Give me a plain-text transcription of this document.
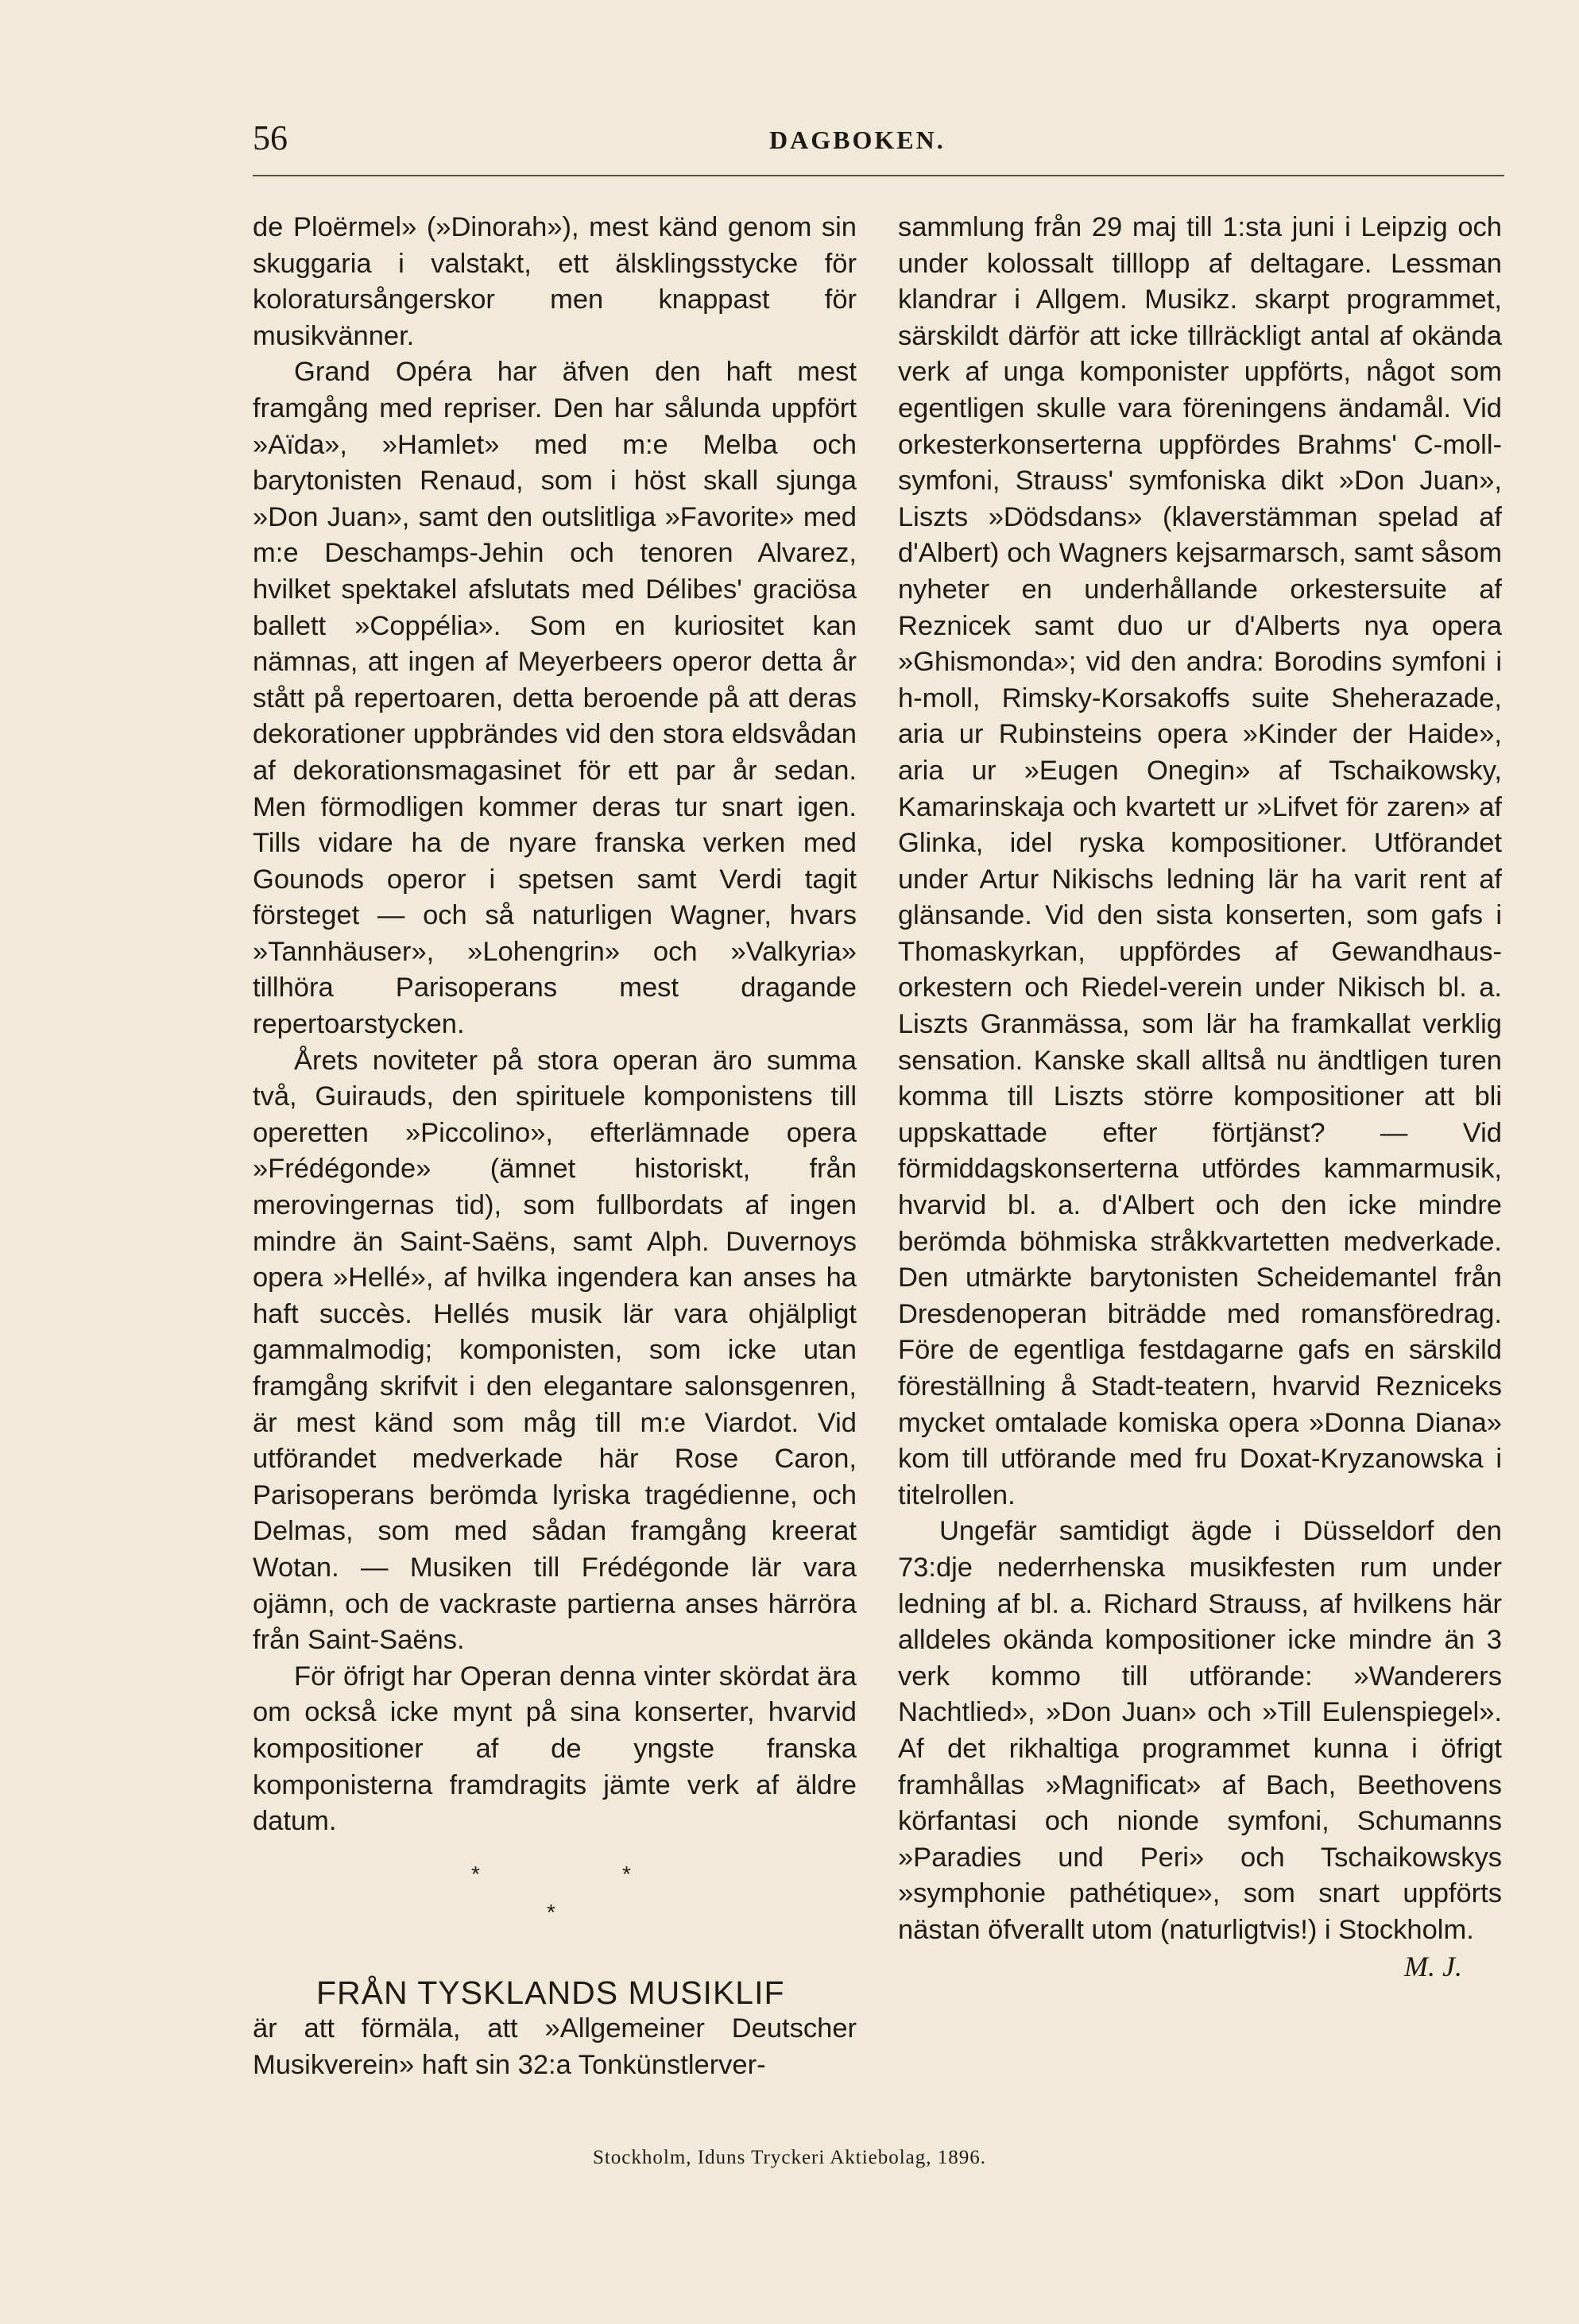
56	DAGBOKEN.

de Ploërmel» (»Dinorah»), mest känd genom sin skuggaria i valstakt, ett älsklingsstycke för koloratursångerskor men knappast för musikvänner.

Grand Opéra har äfven den haft mest framgång med repriser. Den har sålunda uppfört »Aïda», »Hamlet» med m:e Melba och barytonisten Renaud, som i höst skall sjunga »Don Juan», samt den outslitliga »Favorite» med m:e Deschamps-Jehin och tenoren Alvarez, hvilket spektakel afslutats med Délibes' graciösa ballett »Coppélia». Som en kuriositet kan nämnas, att ingen af Meyerbeers operor detta år stått på repertoaren, detta beroende på att deras dekorationer uppbrändes vid den stora eldsvådan af dekorationsmagasinet för ett par år sedan. Men förmodligen kommer deras tur snart igen. Tills vidare ha de nyare franska verken med Gounods operor i spetsen samt Verdi tagit försteget — och så naturligen Wagner, hvars »Tannhäuser», »Lohengrin» och »Valkyria» tillhöra Parisoperans mest dragande repertoarstycken.

Årets noviteter på stora operan äro summa två, Guirauds, den spirituele komponistens till operetten »Piccolino», efterlämnade opera »Frédégonde» (ämnet historiskt, från merovingernas tid), som fullbordats af ingen mindre än Saint-Saëns, samt Alph. Duvernoys opera »Hellé», af hvilka ingendera kan anses ha haft succès. Hellés musik lär vara ohjälpligt gammalmodig; komponisten, som icke utan framgång skrifvit i den elegantare salonsgenren, är mest känd som måg till m:e Viardot. Vid utförandet medverkade här Rose Caron, Parisoperans berömda lyriska tragédienne, och Delmas, som med sådan framgång kreerat Wotan. — Musiken till Frédégonde lär vara ojämn, och de vackraste partierna anses härröra från Saint-Saëns.

För öfrigt har Operan denna vinter skördat ära om också icke mynt på sina konserter, hvarvid kompositioner af de yngste franska komponisterna framdragits jämte verk af äldre datum.

*	*
*
FRÅN TYSKLANDS MUSIKLIF

är att förmäla, att »Allgemeiner Deutscher Musikverein» haft sin 32:a Tonkünstlerver-

sammlung från 29 maj till 1:sta juni i Leipzig och under kolossalt tilllopp af deltagare. Lessman klandrar i Allgem. Musikz. skarpt programmet, särskildt därför att icke tillräckligt antal af okända verk af unga komponister uppförts, något som egentligen skulle vara föreningens ändamål. Vid orkesterkonserterna uppfördes Brahms' C-moll-symfoni, Strauss' symfoniska dikt »Don Juan», Liszts »Dödsdans» (klaverstämman spelad af d'Albert) och Wagners kejsarmarsch, samt såsom nyheter en underhållande orkestersuite af Reznicek samt duo ur d'Alberts nya opera »Ghismonda»; vid den andra: Borodins symfoni i h-moll, Rimsky-Korsakoffs suite Sheherazade, aria ur Rubinsteins opera »Kinder der Haide», aria ur »Eugen Onegin» af Tschaikowsky, Kamarinskaja och kvartett ur »Lifvet för zaren» af Glinka, idel ryska kompositioner. Utförandet under Artur Nikischs ledning lär ha varit rent af glänsande. Vid den sista konserten, som gafs i Thomaskyrkan, uppfördes af Gewandhaus-orkestern och Riedel-verein under Nikisch bl. a. Liszts Granmässa, som lär ha framkallat verklig sensation. Kanske skall alltså nu ändtligen turen komma till Liszts större kompositioner att bli uppskattade efter förtjänst? — Vid förmiddagskonserterna utfördes kammarmusik, hvarvid bl. a. d'Albert och den icke mindre berömda böhmiska stråkkvartetten medverkade. Den utmärkte barytonisten Scheidemantel från Dresdenoperan biträdde med romansföredrag. Före de egentliga festdagarne gafs en särskild föreställning å Stadt-teatern, hvarvid Rezniceks mycket omtalade komiska opera »Donna Diana» kom till utförande med fru Doxat-Kryzanowska i titelrollen.

Ungefär samtidigt ägde i Düsseldorf den 73:dje nederrhenska musikfesten rum under ledning af bl. a. Richard Strauss, af hvilkens här alldeles okända kompositioner icke mindre än 3 verk kommo till utförande: »Wanderers Nachtlied», »Don Juan» och »Till Eulenspiegel». Af det rikhaltiga programmet kunna i öfrigt framhållas »Magnificat» af Bach, Beethovens körfantasi och nionde symfoni, Schumanns »Paradies und Peri» och Tschaikowskys »symphonie pathétique», som snart uppförts nästan öfverallt utom (naturligtvis!) i Stockholm.

M. J.

Stockholm, Iduns Tryckeri Aktiebolag, 1896.
